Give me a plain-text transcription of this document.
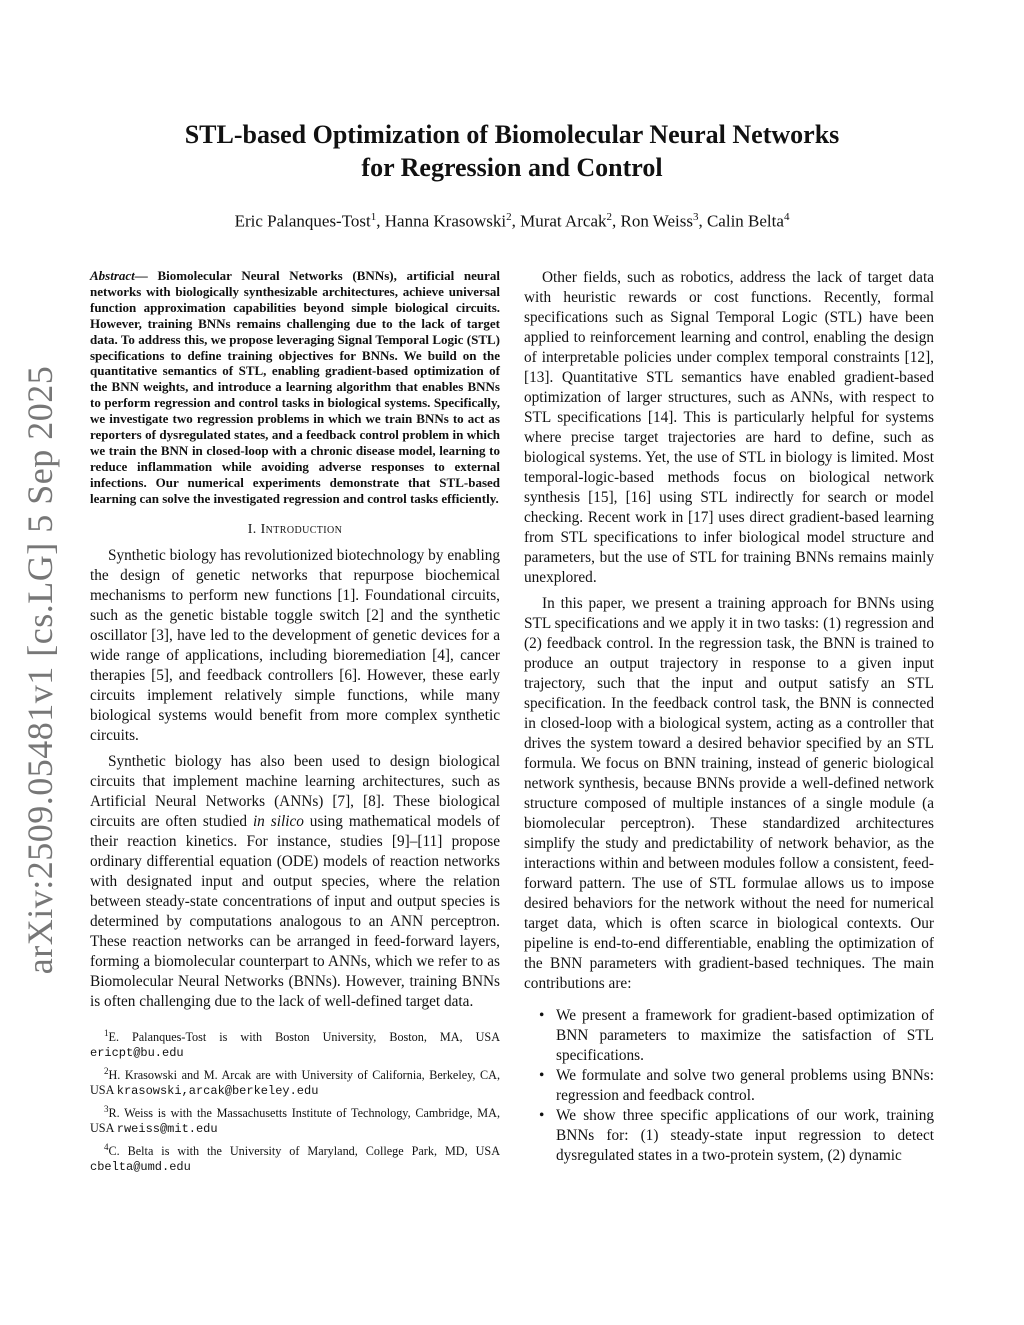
arXiv:2509.05481v1 [cs.LG] 5 Sep 2025
STL-based Optimization of Biomolecular Neural Networks
for Regression and Control
Eric Palanques-Tost$^1$, Hanna Krasowski$^2$, Murat Arcak$^2$, Ron Weiss$^3$, Calin Belta$^4$
Abstract— Biomolecular Neural Networks (BNNs), artificial neural networks with biologically synthesizable architectures, achieve universal function approximation capabilities beyond simple biological circuits. However, training BNNs remains challenging due to the lack of target data. To address this, we propose leveraging Signal Temporal Logic (STL) specifications to define training objectives for BNNs. We build on the quantitative semantics of STL, enabling gradient-based optimization of the BNN weights, and introduce a learning algorithm that enables BNNs to perform regression and control tasks in biological systems. Specifically, we investigate two regression problems in which we train BNNs to act as reporters of dysregulated states, and a feedback control problem in which we train the BNN in closed-loop with a chronic disease model, learning to reduce inflammation while avoiding adverse responses to external infections. Our numerical experiments demonstrate that STL-based learning can solve the investigated regression and control tasks efficiently.
I. Introduction

Synthetic biology has revolutionized biotechnology by enabling the design of genetic networks that repurpose biochemical mechanisms to perform new functions [1]. Foundational circuits, such as the genetic bistable toggle switch [2] and the synthetic oscillator [3], have led to the development of genetic devices for a wide range of applications, including bioremediation [4], cancer therapies [5], and feedback controllers [6]. However, these early circuits implement relatively simple functions, while many biological systems would benefit from more complex synthetic circuits.

Synthetic biology has also been used to design biological circuits that implement machine learning architectures, such as Artificial Neural Networks (ANNs) [7], [8]. These biological circuits are often studied in silico using mathematical models of their reaction kinetics. For instance, studies [9]–[11] propose ordinary differential equation (ODE) models of reaction networks with designated input and output species, where the relation between steady-state concentrations of input and output species is determined by computations analogous to an ANN perceptron. These reaction networks can be arranged in feed-forward layers, forming a biomolecular counterpart to ANNs, which we refer to as Biomolecular Neural Networks (BNNs). However, training BNNs is often challenging due to the lack of well-defined target data.

$^1$E. Palanques-Tost is with Boston University, Boston, MA, USA ericpt@bu.edu
$^2$H. Krasowski and M. Arcak are with University of California, Berkeley, CA, USA krasowski,arcak@berkeley.edu
$^3$R. Weiss is with the Massachusetts Institute of Technology, Cambridge, MA, USA rweiss@mit.edu
$^4$C. Belta is with the University of Maryland, College Park, MD, USA cbelta@umd.edu

Other fields, such as robotics, address the lack of target data with heuristic rewards or cost functions. Recently, formal specifications such as Signal Temporal Logic (STL) have been applied to reinforcement learning and control, enabling the design of interpretable policies under complex temporal constraints [12], [13]. Quantitative STL semantics have enabled gradient-based optimization of larger structures, such as ANNs, with respect to STL specifications [14]. This is particularly helpful for systems where precise target trajectories are hard to define, such as biological systems. Yet, the use of STL in biology is limited. Most temporal-logic-based methods focus on biological network synthesis [15], [16] using STL indirectly for search or model checking. Recent work in [17] uses direct gradient-based learning from STL specifications to infer biological model structure and parameters, but the use of STL for training BNNs remains mainly unexplored.

In this paper, we present a training approach for BNNs using STL specifications and we apply it in two tasks: (1) regression and (2) feedback control. In the regression task, the BNN is trained to produce an output trajectory in response to a given input trajectory, such that the input and output satisfy an STL specification. In the feedback control task, the BNN is connected in closed-loop with a biological system, acting as a controller that drives the system toward a desired behavior specified by an STL formula. We focus on BNN training, instead of generic biological network synthesis, because BNNs provide a well-defined network structure composed of multiple instances of a single module (a biomolecular perceptron). These standardized architectures simplify the study and predictability of network behavior, as the interactions within and between modules follow a consistent, feed-forward pattern. The use of STL formulae allows us to impose desired behaviors for the network without the need for numerical target data, which is often scarce in biological contexts. Our pipeline is end-to-end differentiable, enabling the optimization of the BNN parameters with gradient-based techniques. The main contributions are:

• We present a framework for gradient-based optimization of BNN parameters to maximize the satisfaction of STL specifications.
• We formulate and solve two general problems using BNNs: regression and feedback control.
• We show three specific applications of our work, training BNNs for: (1) steady-state input regression to detect dysregulated states in a two-protein system, (2) dynamic
